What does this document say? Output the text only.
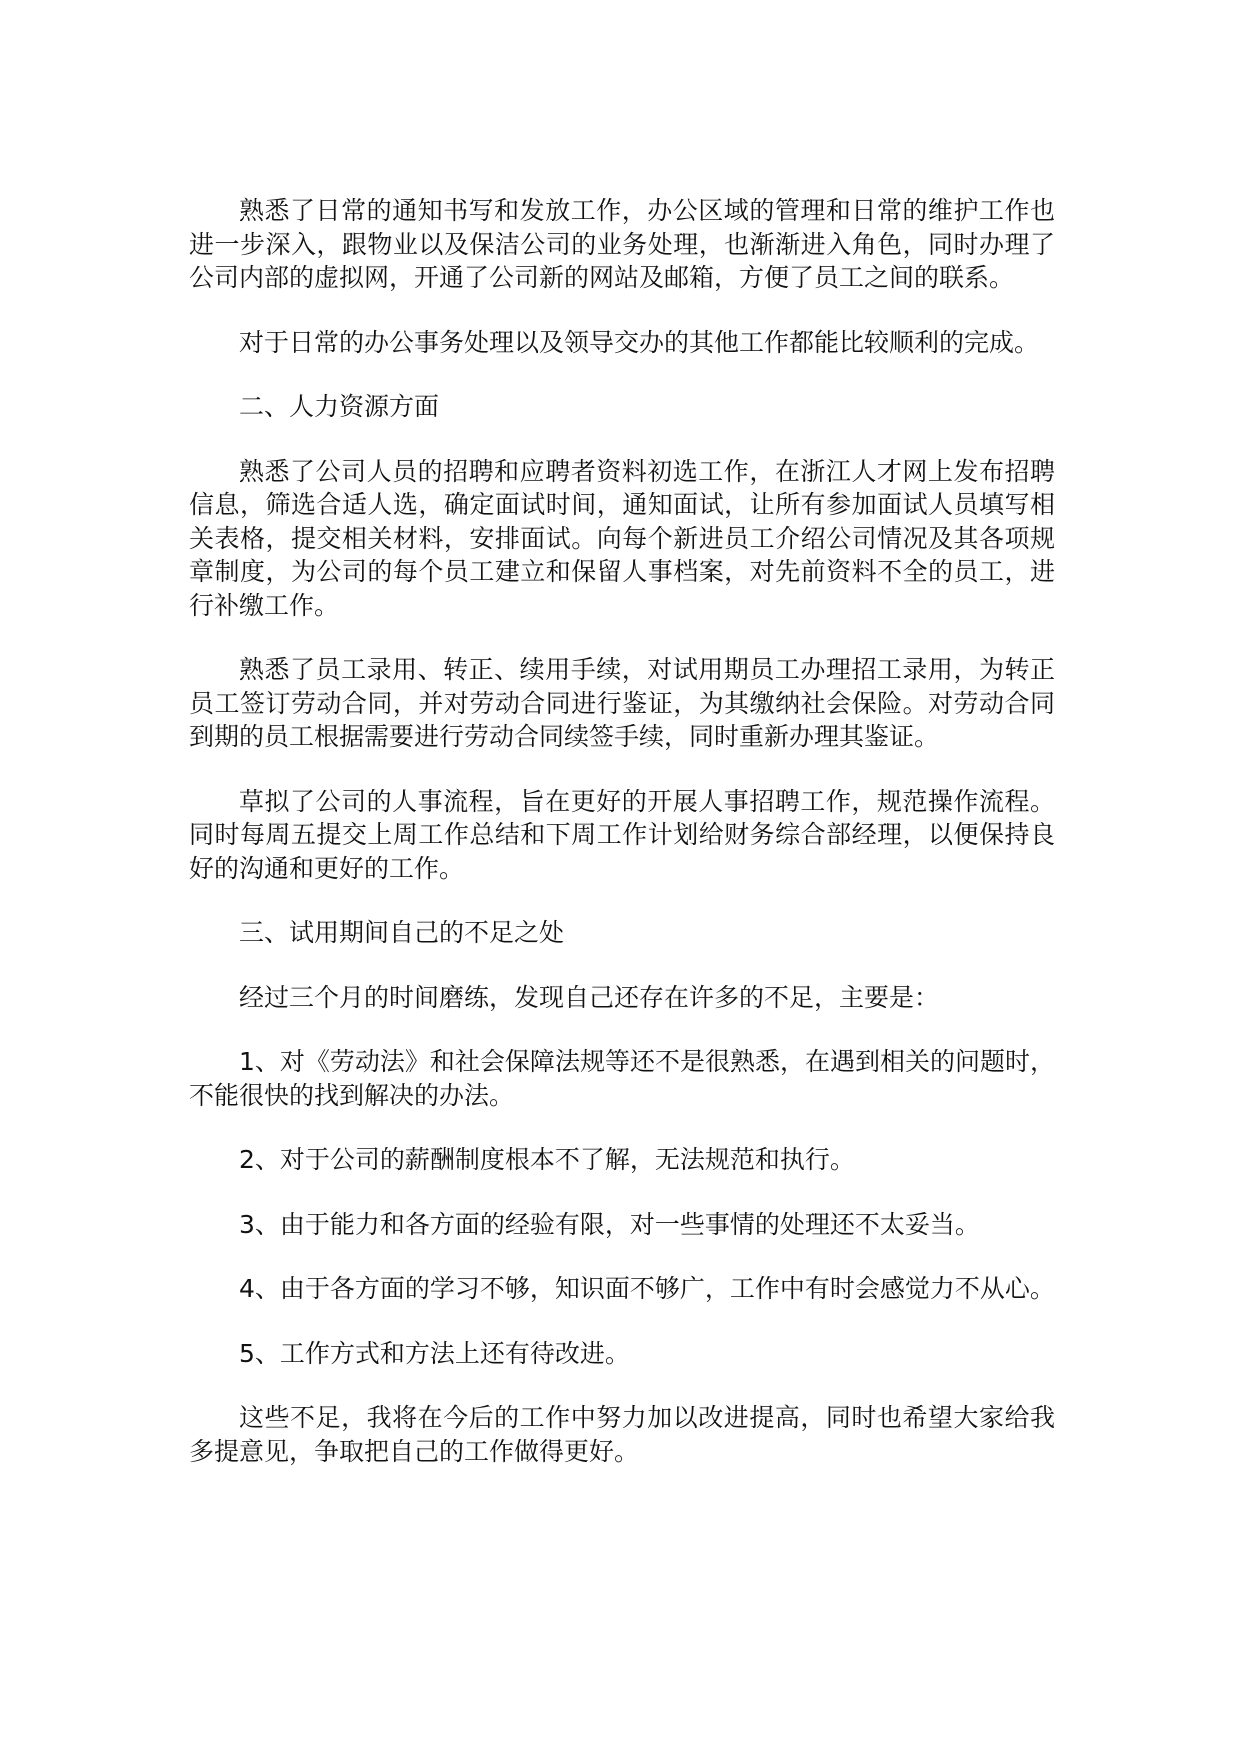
熟悉了日常的通知书写和发放工作，办公区域的管理和日常的维护工作也进一步深入，跟物业以及保洁公司的业务处理，也渐渐进入角色，同时办理了公司内部的虚拟网，开通了公司新的网站及邮箱，方便了员工之间的联系。

对于日常的办公事务处理以及领导交办的其他工作都能比较顺利的完成。

二、人力资源方面

熟悉了公司人员的招聘和应聘者资料初选工作，在浙江人才网上发布招聘信息，筛选合适人选，确定面试时间，通知面试，让所有参加面试人员填写相关表格，提交相关材料，安排面试。向每个新进员工介绍公司情况及其各项规章制度，为公司的每个员工建立和保留人事档案，对先前资料不全的员工，进行补缴工作。

熟悉了员工录用、转正、续用手续，对试用期员工办理招工录用，为转正员工签订劳动合同，并对劳动合同进行鉴证，为其缴纳社会保险。对劳动合同到期的员工根据需要进行劳动合同续签手续，同时重新办理其鉴证。

草拟了公司的人事流程，旨在更好的开展人事招聘工作，规范操作流程。同时每周五提交上周工作总结和下周工作计划给财务综合部经理，以便保持良好的沟通和更好的工作。

三、试用期间自己的不足之处

经过三个月的时间磨练，发现自己还存在许多的不足，主要是：

1、对《劳动法》和社会保障法规等还不是很熟悉，在遇到相关的问题时，不能很快的找到解决的办法。

2、对于公司的薪酬制度根本不了解，无法规范和执行。

3、由于能力和各方面的经验有限，对一些事情的处理还不太妥当。

4、由于各方面的学习不够，知识面不够广，工作中有时会感觉力不从心。

5、工作方式和方法上还有待改进。

这些不足，我将在今后的工作中努力加以改进提高，同时也希望大家给我多提意见，争取把自己的工作做得更好。
